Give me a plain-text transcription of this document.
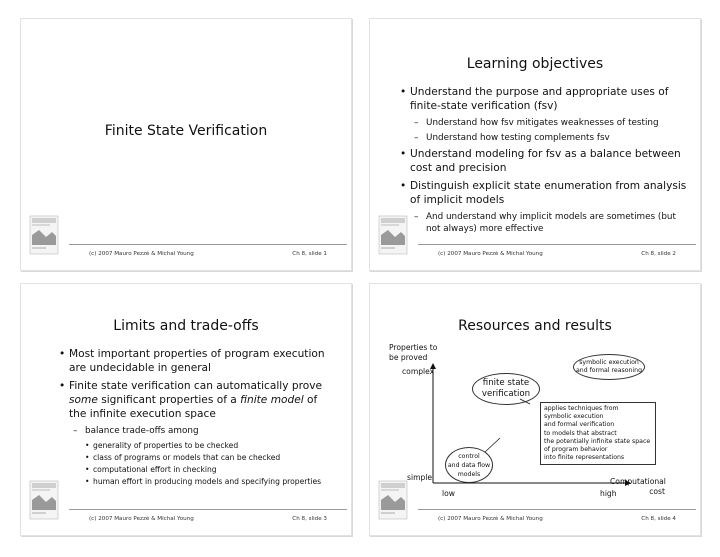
Finite State Verification
(c) 2007 Mauro Pezzè & Michal Young	Ch 8, slide 1
Learning objectives
• Understand the purpose and appropriate uses of finite-state verification (fsv)
– Understand how fsv mitigates weaknesses of testing
– Understand how testing complements fsv
• Understand modeling for fsv as a balance between cost and precision
• Distinguish explicit state enumeration from analysis of implicit models
– And understand why implicit models are sometimes (but not always) more effective
(c) 2007 Mauro Pezzè & Michal Young	Ch 8, slide 2
Limits and trade-offs
• Most important properties of program execution are undecidable in general
• Finite state verification can automatically prove some significant properties of a finite model of the infinite execution space
– balance trade-offs among
• generality of properties to be checked
• class of programs or models that can be checked
• computational effort in checking
• human effort in producing models and specifying properties
(c) 2007 Mauro Pezzè & Michal Young	Ch 8, slide 3
Resources and results
Properties to
be proved
complex
simple
low	high
Computational
cost
symbolic execution
and formal reasoning
finite state
verification
control
and data flow
models
applies techniques from
symbolic execution
and formal verification
to models that abstract
the potentially infinite state space
of program behavior
into finite representations
(c) 2007 Mauro Pezzè & Michal Young	Ch 8, slide 4
